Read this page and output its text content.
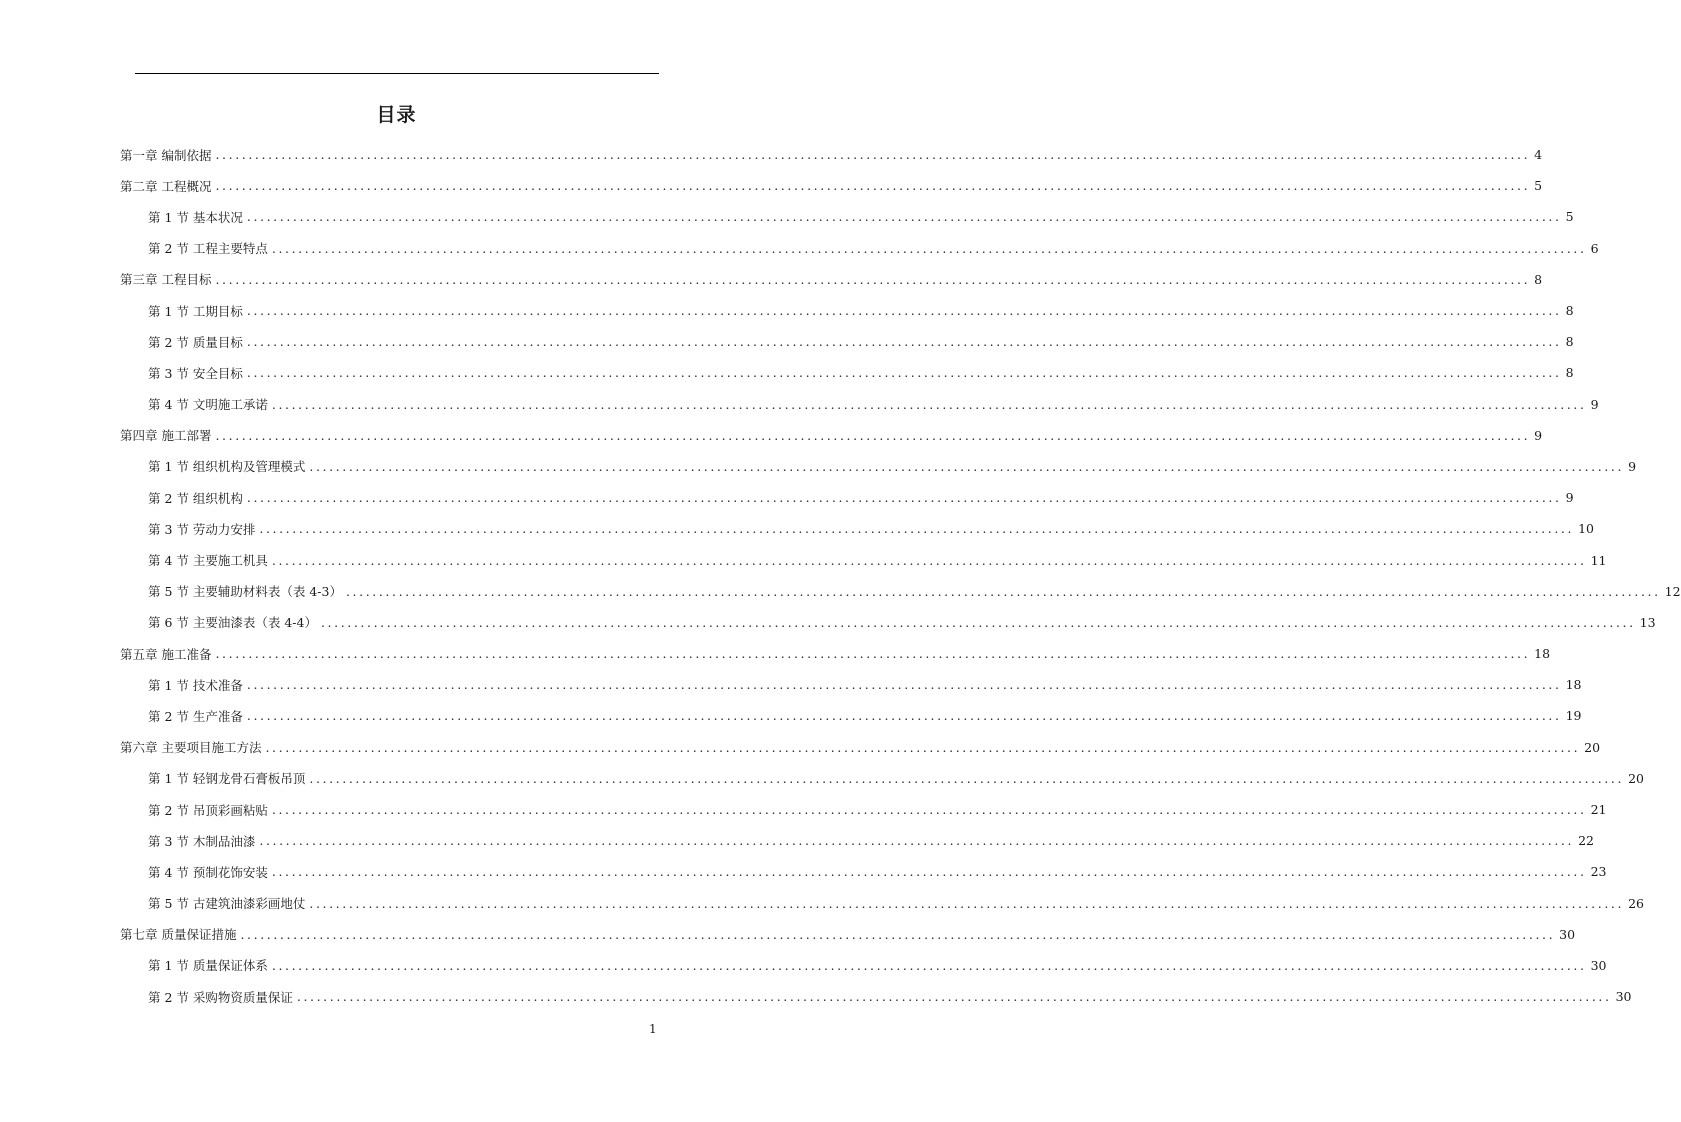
目录
第一章 编制依据 ........................................................................................................................................................................................................ 4
第二章 工程概况 ........................................................................................................................................................................................................ 5
第 1 节 基本状况 ........................................................................................................................................................................................................ 5
第 2 节 工程主要特点 ........................................................................................................................................................................................................ 6
第三章 工程目标 ........................................................................................................................................................................................................ 8
第 1 节 工期目标 ........................................................................................................................................................................................................ 8
第 2 节 质量目标 ........................................................................................................................................................................................................ 8
第 3 节 安全目标 ........................................................................................................................................................................................................ 8
第 4 节 文明施工承诺 ........................................................................................................................................................................................................ 9
第四章 施工部署 ........................................................................................................................................................................................................ 9
第 1 节 组织机构及管理模式 ........................................................................................................................................................................................................ 9
第 2 节 组织机构 ........................................................................................................................................................................................................ 9
第 3 节 劳动力安排 ........................................................................................................................................................................................................ 10
第 4 节 主要施工机具 ........................................................................................................................................................................................................ 11
第 5 节 主要辅助材料表（表 4-3） ........................................................................................................................................................................................................ 12
第 6 节 主要油漆表（表 4-4） ........................................................................................................................................................................................................ 13
第五章 施工准备 ........................................................................................................................................................................................................ 18
第 1 节 技术准备 ........................................................................................................................................................................................................ 18
第 2 节 生产准备 ........................................................................................................................................................................................................ 19
第六章 主要项目施工方法 ........................................................................................................................................................................................................ 20
第 1 节 轻钢龙骨石膏板吊顶 ........................................................................................................................................................................................................ 20
第 2 节 吊顶彩画粘贴 ........................................................................................................................................................................................................ 21
第 3 节 木制品油漆 ........................................................................................................................................................................................................ 22
第 4 节 预制花饰安装 ........................................................................................................................................................................................................ 23
第 5 节 古建筑油漆彩画地仗 ........................................................................................................................................................................................................ 26
第七章 质量保证措施 ........................................................................................................................................................................................................ 30
第 1 节 质量保证体系 ........................................................................................................................................................................................................ 30
第 2 节 采购物资质量保证 ........................................................................................................................................................................................................ 30
1
